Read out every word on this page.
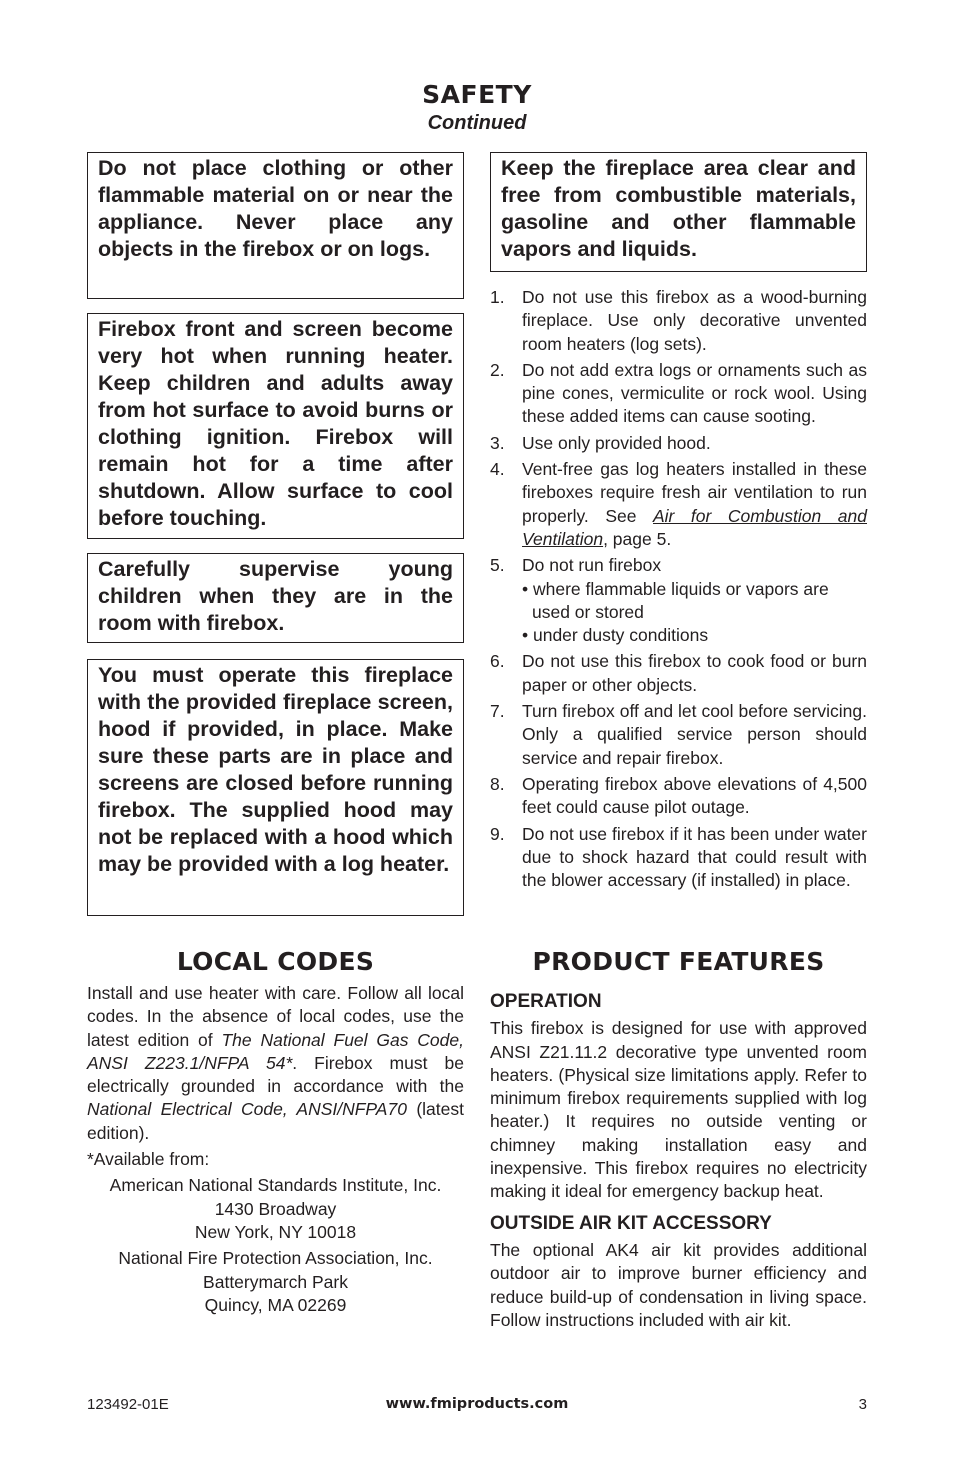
SAFETY
Continued
Do not place clothing or other flammable material on or near the appliance. Never place any objects in the firebox or on logs.
Firebox front and screen become very hot when running heater. Keep children and adults away from hot surface to avoid burns or clothing ignition. Firebox will remain hot for a time after shutdown. Allow surface to cool before touching.
Carefully supervise young children when they are in the room with firebox.
You must operate this fireplace with the provided fireplace screen, hood if provided, in place. Make sure these parts are in place and screens are closed before running firebox. The supplied hood may not be replaced with a hood which may be provided with a log heater.
Keep the fireplace area clear and free from combustible materials, gasoline and other flammable vapors and liquids.
1. Do not use this firebox as a wood-burning fireplace. Use only decorative unvented room heaters (log sets).
2. Do not add extra logs or ornaments such as pine cones, vermiculite or rock wool. Using these added items can cause sooting.
3. Use only provided hood.
4. Vent-free gas log heaters installed in these fireboxes require fresh air ventilation to run properly. See Air for Combustion and Ventilation, page 5.
5. Do not run firebox
• where flammable liquids or vapors are used or stored
• under dusty conditions
6. Do not use this firebox to cook food or burn paper or other objects.
7. Turn firebox off and let cool before servicing. Only a qualified service person should service and repair firebox.
8. Operating firebox above elevations of 4,500 feet could cause pilot outage.
9. Do not use firebox if it has been under water due to shock hazard that could result with the blower accessary (if installed) in place.
LOCAL CODES

Install and use heater with care. Follow all local codes. In the absence of local codes, use the latest edition of The National Fuel Gas Code, ANSI Z223.1/NFPA 54*. Firebox must be electrically grounded in accordance with the National Electrical Code, ANSI/NFPA70 (latest edition).

*Available from:

American National Standards Institute, Inc.
1430 Broadway
New York, NY 10018

National Fire Protection Association, Inc.
Batterymarch Park
Quincy, MA 02269

PRODUCT FEATURES
OPERATION

This firebox is designed for use with approved ANSI Z21.11.2 decorative type unvented room heaters. (Physical size limitations apply. Refer to minimum firebox requirements supplied with log heater.) It requires no outside venting or chimney making installation easy and inexpensive. This firebox requires no electricity making it ideal for emergency backup heat.

OUTSIDE AIR KIT ACCESSORY

The optional AK4 air kit provides additional outdoor air to improve burner efficiency and reduce build-up of condensation in living space. Follow instructions included with air kit.

123492-01E	www.fmiproducts.com	3
